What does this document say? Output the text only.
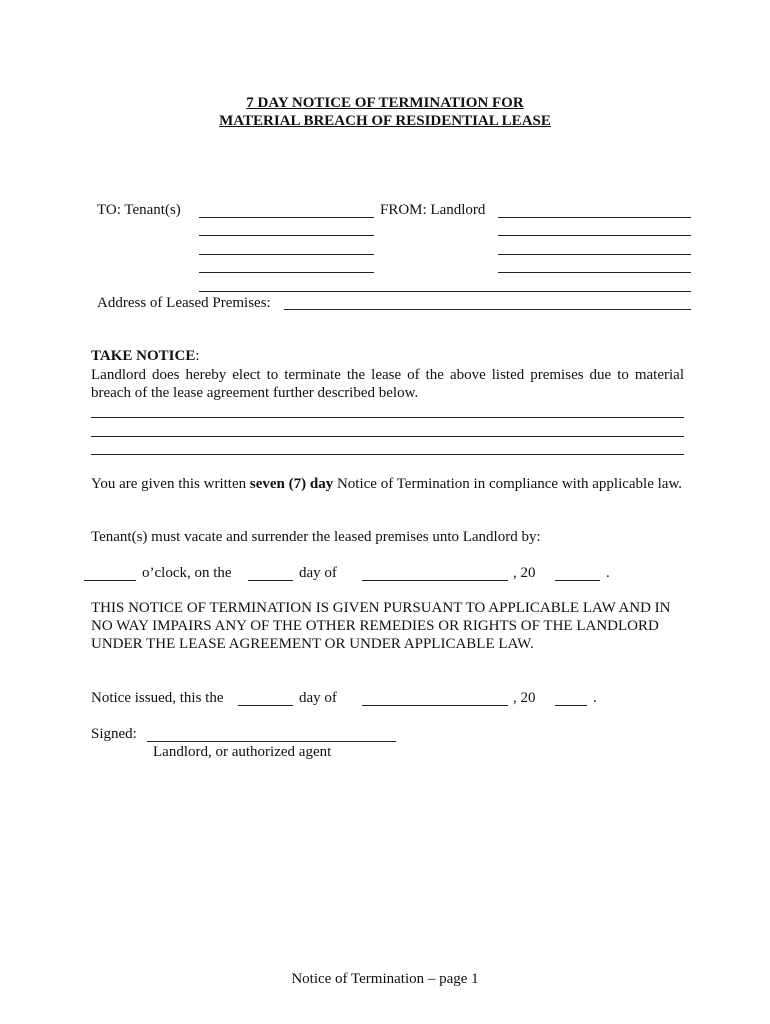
7 DAY NOTICE OF TERMINATION FOR
MATERIAL BREACH OF RESIDENTIAL LEASE
TO: Tenant(s)	FROM: Landlord
Address of Leased Premises:
TAKE NOTICE:
Landlord does hereby elect to terminate the lease of the above listed premises due to material breach of the lease agreement further described below.
You are given this written seven (7) day Notice of Termination in compliance with applicable law.
Tenant(s) must vacate and surrender the leased premises unto Landlord by:
o’clock, on the	day of	, 20	.
THIS NOTICE OF TERMINATION IS GIVEN PURSUANT TO APPLICABLE LAW AND IN NO WAY IMPAIRS ANY OF THE OTHER REMEDIES OR RIGHTS OF THE LANDLORD UNDER THE LEASE AGREEMENT OR UNDER APPLICABLE LAW.
Notice issued, this the	day of	, 20	.
Signed:
Landlord, or authorized agent
Notice of Termination – page 1
